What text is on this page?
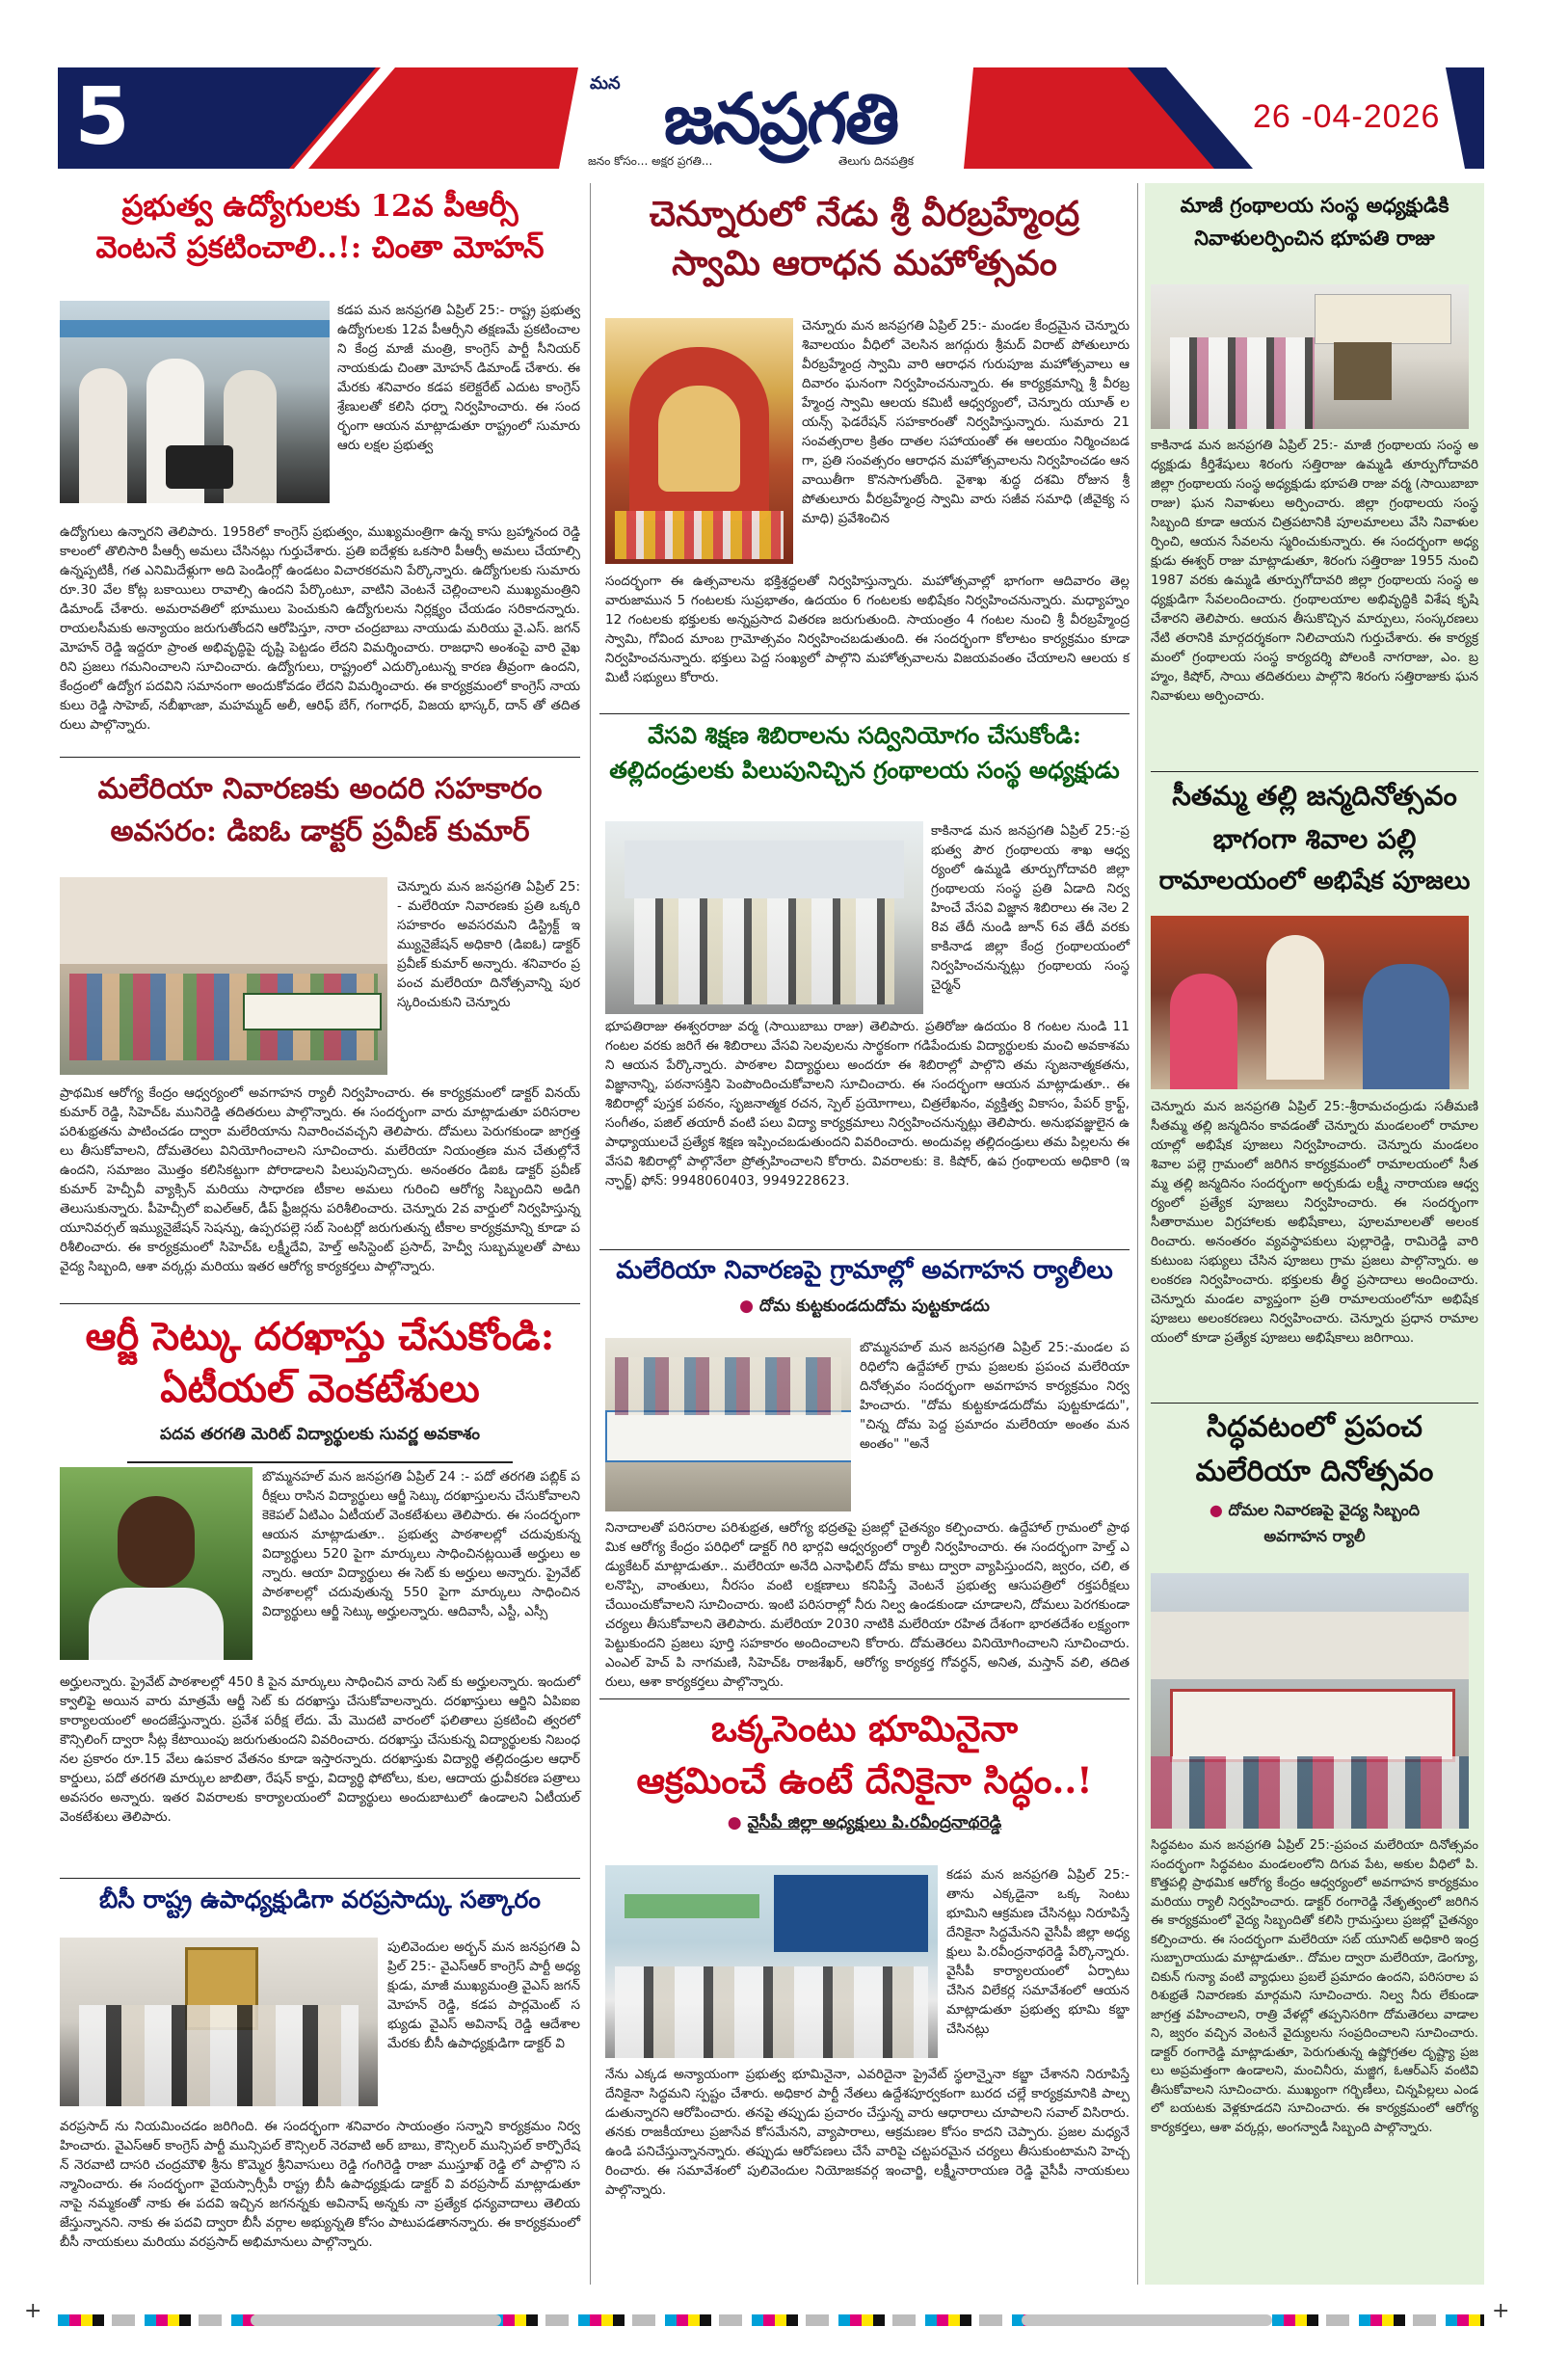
5	మన జనప్రగతి
జనం కోసం... అక్షర ప్రగతి...	తెలుగు దినపత్రిక
26 -04-2026
ప్రభుత్వ ఉద్యోగులకు 12వ పీఆర్సీ
వెంటనే ప్రకటించాలి..!: చింతా మోహన్

కడప మన జనప్రగతి ఏప్రిల్ 25:- రాష్ట్ర ప్రభుత్వ ఉద్యోగులకు 12వ పీఆర్సీని తక్షణమే ప్రకటించాలని కేంద్ర మాజీ మంత్రి, కాంగ్రెస్ పార్టీ సీనియర్ నాయకుడు చింతా మోహన్ డిమాండ్ చేశారు. ఈ మేరకు శనివారం కడప కలెక్టరేట్ ఎదుట కాంగ్రెస్ శ్రేణులతో కలిసి ధర్నా నిర్వహించారు. ఈ సందర్భంగా ఆయన మాట్లాడుతూ రాష్ట్రంలో సుమారు ఆరు లక్షల ప్రభుత్వ

ఉద్యోగులు ఉన్నారని తెలిపారు. 1958లో కాంగ్రెస్ ప్రభుత్వం, ముఖ్యమంత్రిగా ఉన్న కాసు బ్రహ్మానంద రెడ్డి కాలంలో తొలిసారి పీఆర్సీ అమలు చేసినట్లు గుర్తుచేశారు. ప్రతి ఐదేళ్లకు ఒకసారి పీఆర్సీ అమలు చేయాల్సి ఉన్నప్పటికీ, గత ఎనిమిదేళ్లుగా అది పెండింగ్లో ఉండటం విచారకరమని పేర్కొన్నారు. ఉద్యోగులకు సుమారు రూ.30 వేల కోట్ల బకాయిలు రావాల్సి ఉందని పేర్కొంటూ, వాటిని వెంటనే చెల్లించాలని ముఖ్యమంత్రిని డిమాండ్ చేశారు. అమరావతిలో భూములు పెంచుకుని ఉద్యోగులను నిర్లక్ష్యం చేయడం సరికాదన్నారు. రాయలసీమకు అన్యాయం జరుగుతోందని ఆరోపిస్తూ, నారా చంద్రబాబు నాయుడు మరియు వై.ఎస్. జగన్ మోహన్ రెడ్డి ఇద్దరూ ప్రాంత అభివృద్ధిపై దృష్టి పెట్టడం లేదని విమర్శించారు. రాజధాని అంశంపై వారి వైఖరిని ప్రజలు గమనించాలని సూచించారు. ఉద్యోగులు, రాష్ట్రంలో ఎదుర్కొంటున్న కారణ తీవ్రంగా ఉందని, కేంద్రంలో ఉద్యోగ పదవిని సమానంగా అందుకోవడం లేదని విమర్శించారు. ఈ కార్యక్రమంలో కాంగ్రెస్ నాయకులు రెడ్డి సాహెబ్, నబీఖాఁజా, మహమ్మద్ అలీ, ఆరిఫ్ బేగ్, గంగాధర్, విజయ భాస్కర్, దాన్ తో తదితరులు పాల్గొన్నారు.

మలేరియా నివారణకు అందరి సహకారం
అవసరం: డిఐఓ డాక్టర్ ప్రవీణ్ కుమార్

చెన్నూరు మన జనప్రగతి ఏప్రిల్ 25:- మలేరియా నివారణకు ప్రతి ఒక్కరి సహకారం అవసరమని డిస్ట్రిక్ట్ ఇమ్యునైజేషన్ అధికారి (డిఐఓ) డాక్టర్ ప్రవీణ్ కుమార్ అన్నారు. శనివారం ప్రపంచ మలేరియా దినోత్సవాన్ని పురస్కరించుకుని చెన్నూరు

ప్రాథమిక ఆరోగ్య కేంద్రం ఆధ్వర్యంలో అవగాహన ర్యాలీ నిర్వహించారు. ఈ కార్యక్రమంలో డాక్టర్ వినయ్ కుమార్ రెడ్డి, సిహెచ్ఓ మునిరెడ్డి తదితరులు పాల్గొన్నారు. ఈ సందర్భంగా వారు మాట్లాడుతూ పరిసరాల పరిశుభ్రతను పాటించడం ద్వారా మలేరియాను నివారించవచ్చని తెలిపారు. దోమలు పెరుగకుండా జాగ్రత్తలు తీసుకోవాలని, దోమతెరలు వినియోగించాలని సూచించారు. మలేరియా నియంత్రణ మన చేతుల్లోనే ఉందని, సమాజం మొత్తం కలిసికట్టుగా పోరాడాలని పిలుపునిచ్చారు. అనంతరం డిఐఓ డాక్టర్ ప్రవీణ్ కుమార్ హెచ్పీవీ వ్యాక్సిన్ మరియు సాధారణ టీకాల అమలు గురించి ఆరోగ్య సిబ్బందిని అడిగి తెలుసుకున్నారు. పీహెచ్సీలో ఐఎల్ఆర్, డీప్ ఫ్రీజర్లను పరిశీలించారు. చెన్నూరు 2వ వార్డులో నిర్వహిస్తున్న యూనివర్సల్ ఇమ్యునైజేషన్ సెషన్ను, ఉప్పరపల్లె సబ్ సెంటర్లో జరుగుతున్న టీకాల కార్యక్రమాన్ని కూడా పరిశీలించారు. ఈ కార్యక్రమంలో సిహెచ్ఓ లక్ష్మీదేవి, హెల్త్ అసిస్టెంట్ ప్రసాద్, హెచ్వీ సుబ్బమ్మలతో పాటు వైద్య సిబ్బంది, ఆశా వర్కర్లు మరియు ఇతర ఆరోగ్య కార్యకర్తలు పాల్గొన్నారు.

ఆర్జీ సెట్కు దరఖాస్తు చేసుకోండి:
ఏటీయల్ వెంకటేశులు
పదవ తరగతి మెరిట్ విద్యార్థులకు సువర్ణ అవకాశం

బొమ్మనహల్ మన జనప్రగతి ఏప్రిల్ 24 :- పదో తరగతి పబ్లిక్ పరీక్షలు రాసిన విద్యార్థులు ఆర్జీ సెట్కు దరఖాస్తులను చేసుకోవాలని కెకెపల్ ఏటిఎం ఏటీయల్ వెంకటేశులు తెలిపారు. ఈ సందర్భంగా ఆయన మాట్లాడుతూ.. ప్రభుత్వ పాఠశాలల్లో చదువుకున్న విద్యార్థులు 520 పైగా మార్కులు సాధించినట్లయితే అర్హులు అన్నారు. ఆయా విద్యార్థులు ఈ సెట్ కు అర్హులు అన్నారు. ప్రైవేట్ పాఠశాలల్లో చదువుతున్న 550 పైగా మార్కులు సాధించిన విద్యార్థులు ఆర్జీ సెట్కు అర్హులన్నారు. ఆదివాసీ, ఎస్టీ, ఎస్సీ

అర్హులన్నారు. ప్రైవేట్ పాఠశాలల్లో 450 కి పైన మార్కులు సాధించిన వారు సెట్ కు అర్హులన్నారు. ఇందులో క్వాలిఫై అయిన వారు మాత్రమే ఆర్జీ సెట్ కు దరఖాస్తు చేసుకోవాలన్నారు. దరఖాస్తులు ఆర్జిని ఏపిఐఐ కార్యాలయంలో అందజేస్తున్నారు. ప్రవేశ పరీక్ష లేదు. మే మొదటి వారంలో ఫలితాలు ప్రకటించి త్వరలో కౌన్సిలింగ్ ద్వారా సీట్ల కేటాయింపు జరుగుతుందని వివరించారు. దరఖాస్తు చేసుకున్న విద్యార్థులకు నిబంధనల ప్రకారం రూ.15 వేలు ఉపకార వేతనం కూడా ఇస్తారన్నారు. దరఖాస్తుకు విద్యార్థి తల్లిదండ్రుల ఆధార్ కార్డులు, పదో తరగతి మార్కుల జాబితా, రేషన్ కార్డు, విద్యార్థి ఫోటోలు, కుల, ఆదాయ ధ్రువీకరణ పత్రాలు అవసరం అన్నారు. ఇతర వివరాలకు కార్యాలయంలో విద్యార్థులు అందుబాటులో ఉండాలని ఏటీయల్ వెంకటేశులు తెలిపారు.

బీసీ రాష్ట్ర ఉపాధ్యక్షుడిగా వరప్రసాద్కు సత్కారం

పులివెందుల అర్బన్ మన జనప్రగతి ఏప్రిల్ 25:- వైఎస్ఆర్ కాంగ్రెస్ పార్టీ అధ్యక్షుడు, మాజీ ముఖ్యమంత్రి వైఎస్ జగన్ మోహన్ రెడ్డి, కడప పార్లమెంట్ సభ్యుడు వైఎస్ అవినాష్ రెడ్డి ఆదేశాల మేరకు బీసీ ఉపాధ్యక్షుడిగా డాక్టర్ వి

వరప్రసాద్ ను నియమించడం జరిగింది. ఈ సందర్భంగా శనివారం సాయంత్రం సన్నాని కార్యక్రమం నిర్వహించారు. వైఎస్ఆర్ కాంగ్రెస్ పార్టీ మున్సిపల్ కౌన్సిలర్ నెరవాటి అర్ బాబు, కౌన్సిలర్ మున్సిపల్ కార్పొరేషన్ నెరవాటి దాసరి చంద్రమౌళి శ్రీను కొమ్మెర శ్రీనివాసులు రెడ్డి గంగిరెడ్డి రాజా ముస్తూఖ్ రెడ్డి లో పాల్గొని సన్మానించారు. ఈ సందర్భంగా వైయస్సార్సీపీ రాష్ట్ర బీసీ ఉపాధ్యక్షుడు డాక్టర్ వి వరప్రసాద్ మాట్లాడుతూ నాపై నమ్మకంతో నాకు ఈ పదవి ఇచ్చిన జగనన్నకు అవినాష్ అన్నకు నా ప్రత్యేక ధన్యవాదాలు తెలియజేస్తున్నానని. నాకు ఈ పదవి ద్వారా బీసీ వర్గాల అభ్యున్నతి కోసం పాటుపడతానన్నారు. ఈ కార్యక్రమంలో బీసీ నాయకులు మరియు వరప్రసాద్ అభిమానులు పాల్గొన్నారు.

చెన్నూరులో నేడు శ్రీ వీరబ్రహ్మేంద్ర
స్వామి ఆరాధన మహోత్సవం

చెన్నూరు మన జనప్రగతి ఏప్రిల్ 25:- మండల కేంద్రమైన చెన్నూరు శివాలయం వీధిలో వెలసిన జగద్గురు శ్రీమద్ విరాట్ పోతులూరు వీరబ్రహ్మేంద్ర స్వామి వారి ఆరాధన గురుపూజ మహోత్సవాలు ఆదివారం ఘనంగా నిర్వహించనున్నారు. ఈ కార్యక్రమాన్ని శ్రీ వీరబ్రహ్మేంద్ర స్వామి ఆలయ కమిటీ ఆధ్వర్యంలో, చెన్నూరు యూత్ లయన్స్ ఫెడరేషన్ సహకారంతో నిర్వహిస్తున్నారు. సుమారు 21 సంవత్సరాల క్రితం దాతల సహాయంతో ఈ ఆలయం నిర్మించబడగా, ప్రతి సంవత్సరం ఆరాధన మహోత్సవాలను నిర్వహించడం ఆనవాయితీగా కొనసాగుతోంది. వైశాఖ శుద్ధ దశమి రోజున శ్రీ పోతులూరు వీరబ్రహ్మేంద్ర స్వామి వారు సజీవ సమాధి (జీవైక్య సమాధి) ప్రవేశించిన

సందర్భంగా ఈ ఉత్సవాలను భక్తిశ్రద్ధలతో నిర్వహిస్తున్నారు. మహోత్సవాల్లో భాగంగా ఆదివారం తెల్లవారుజామున 5 గంటలకు సుప్రభాతం, ఉదయం 6 గంటలకు అభిషేకం నిర్వహించనున్నారు. మధ్యాహ్నం 12 గంటలకు భక్తులకు అన్నప్రసాద వితరణ జరుగుతుంది. సాయంత్రం 4 గంటల నుంచి శ్రీ వీరబ్రహ్మేంద్ర స్వామి, గోవింద మాంబ గ్రామోత్సవం నిర్వహించబడుతుంది. ఈ సందర్భంగా కోలాటం కార్యక్రమం కూడా నిర్వహించనున్నారు. భక్తులు పెద్ద సంఖ్యలో పాల్గొని మహోత్సవాలను విజయవంతం చేయాలని ఆలయ కమిటీ సభ్యులు కోరారు.

వేసవి శిక్షణ శిబిరాలను సద్వినియోగం చేసుకోండి:
తల్లిదండ్రులకు పిలుపునిచ్చిన గ్రంథాలయ సంస్థ అధ్యక్షుడు

కాకినాడ మన జనప్రగతి ఏప్రిల్ 25:-ప్రభుత్వ పౌర గ్రంథాలయ శాఖ ఆధ్వర్యంలో ఉమ్మడి తూర్పుగోదావరి జిల్లా గ్రంథాలయ సంస్థ ప్రతి ఏడాది నిర్వహించే వేసవి విజ్ఞాన శిబిరాలు ఈ నెల 28వ తేదీ నుండి జూన్ 6వ తేదీ వరకు కాకినాడ జిల్లా కేంద్ర గ్రంథాలయంలో నిర్వహించనున్నట్లు గ్రంథాలయ సంస్థ చైర్మన్

భూపతిరాజు ఈశ్వరరాజు వర్మ (సాయిబాబు రాజు) తెలిపారు. ప్రతిరోజు ఉదయం 8 గంటల నుండి 11 గంటల వరకు జరిగే ఈ శిబిరాలు వేసవి సెలవులను సార్థకంగా గడిపేందుకు విద్యార్థులకు మంచి అవకాశమని ఆయన పేర్కొన్నారు. పాఠశాల విద్యార్థులు అందరూ ఈ శిబిరాల్లో పాల్గొని తమ సృజనాత్మకతను, విజ్ఞానాన్ని, పఠనాసక్తిని పెంపొందించుకోవాలని సూచించారు. ఈ సందర్భంగా ఆయన మాట్లాడుతూ.. ఈ శిబిరాల్లో పుస్తక పఠనం, సృజనాత్మక రచన, స్పెల్ ప్రయోగాలు, చిత్రలేఖనం, వ్యక్తిత్వ వికాసం, పేపర్ క్రాఫ్ట్, సంగీతం, పజిల్ తయారీ వంటి పలు విద్యా కార్యక్రమాలు నిర్వహించనున్నట్లు తెలిపారు. అనుభవజ్ఞులైన ఉపాధ్యాయులచే ప్రత్యేక శిక్షణ ఇప్పించబడుతుందని వివరించారు. అందువల్ల తల్లిదండ్రులు తమ పిల్లలను ఈ వేసవి శిబిరాల్లో పాల్గొనేలా ప్రోత్సహించాలని కోరారు. వివరాలకు: కె. కిషోర్, ఉప గ్రంథాలయ అధికారి (ఇన్ఛార్జ్) ఫోన్: 9948060403, 9949228623.

మలేరియా నివారణపై గ్రామాల్లో అవగాహన ర్యాలీలు
● దోమ కుట్టకుండదుదోమ పుట్టకూడదు

బొమ్మనహల్ మన జనప్రగతి ఏప్రిల్ 25:-మండల పరిధిలోని ఉద్దేహాల్ గ్రామ ప్రజలకు ప్రపంచ మలేరియా దినోత్సవం సందర్భంగా అవగాహన కార్యక్రమం నిర్వహించారు. "దోమ కుట్టకూడదుదోమ పుట్టకూడదు", "చిన్న దోమ పెద్ద ప్రమాదం మలేరియా అంతం మనఅంతం" "అనే

నినాదాలతో పరిసరాల పరిశుభ్రత, ఆరోగ్య భద్రతపై ప్రజల్లో చైతన్యం కల్పించారు. ఉద్దేహాల్ గ్రామంలో ప్రాథమిక ఆరోగ్య కేంద్రం పరిధిలో డాక్టర్ గిరి భార్గవి ఆధ్వర్యంలో ర్యాలీ నిర్వహించారు. ఈ సందర్భంగా హెల్త్ ఎడ్యుకేటర్ మాట్లాడుతూ.. మలేరియా అనేది ఎనాఫిలిస్ దోమ కాటు ద్వారా వ్యాపిస్తుందని, జ్వరం, చలి, తలనొప్పి, వాంతులు, నీరసం వంటి లక్షణాలు కనిపిస్తే వెంటనే ప్రభుత్వ ఆసుపత్రిలో రక్తపరీక్షలు చేయించుకోవాలని సూచించారు. ఇంటి పరిసరాల్లో నీరు నిల్వ ఉండకుండా చూడాలని, దోమలు పెరగకుండా చర్యలు తీసుకోవాలని తెలిపారు. మలేరియా 2030 నాటికి మలేరియా రహిత దేశంగా భారతదేశం లక్ష్యంగా పెట్టుకుందని ప్రజలు పూర్తి సహకారం అందించాలని కోరారు. దోమతెరలు వినియోగించాలని సూచించారు. ఎంఎల్ హెచ్ పి నాగమణి, సిహెచ్ఓ రాజశేఖర్, ఆరోగ్య కార్యకర్త గోవర్ధన్, అనిత, మస్తాన్ వలి, తదితరులు, ఆశా కార్యకర్తలు పాల్గొన్నారు.

ఒక్కసెంటు భూమినైనా
ఆక్రమించే ఉంటే దేనికైనా సిద్ధం..!
● వైసీపీ జిల్లా అధ్యక్షులు పి.రవీంద్రనాథరెడ్డి

కడప మన జనప్రగతి ఏప్రిల్ 25:- తాను ఎక్కడైనా ఒక్క సెంటు భూమిని ఆక్రమణ చేసినట్లు నిరూపిస్తే దేనికైనా సిద్ధమేనని వైసీపీ జిల్లా అధ్యక్షులు పి.రవీంద్రనాథరెడ్డి పేర్కొన్నారు. వైసీపీ కార్యాలయంలో ఏర్పాటు చేసిన విలేకర్ల సమావేశంలో ఆయన మాట్లాడుతూ ప్రభుత్వ భూమి కబ్జా చేసినట్లు

నేను ఎక్కడ అన్యాయంగా ప్రభుత్వ భూమినైనా, ఎవరిదైనా ప్రైవేట్ స్థలాన్నైనా కబ్జా చేశానని నిరూపిస్తే దేనికైనా సిద్ధమని స్పష్టం చేశారు. అధికార పార్టీ నేతలు ఉద్దేశపూర్వకంగా బురద చల్లే కార్యక్రమానికి పాల్పడుతున్నారని ఆరోపించారు. తనపై తప్పుడు ప్రచారం చేస్తున్న వారు ఆధారాలు చూపాలని సవాల్ విసిరారు. తనకు రాజకీయాలు ప్రజాసేవ కోసమేనని, వ్యాపారాలు, ఆక్రమణల కోసం కాదని చెప్పారు. ప్రజల మధ్యనే ఉండి పనిచేస్తున్నానన్నారు. తప్పుడు ఆరోపణలు చేసే వారిపై చట్టపరమైన చర్యలు తీసుకుంటామని హెచ్చరించారు. ఈ సమావేశంలో పులివెందుల నియోజకవర్గ ఇంచార్జి, లక్ష్మీనారాయణ రెడ్డి వైసీపీ నాయకులు పాల్గొన్నారు.

మాజీ గ్రంథాలయ సంస్థ అధ్యక్షుడికి
నివాళులర్పించిన భూపతి రాజు

కాకినాడ మన జనప్రగతి ఏప్రిల్ 25:- మాజీ గ్రంథాలయ సంస్థ అధ్యక్షుడు కీర్తిశేషులు శిరంగు సత్తిరాజు ఉమ్మడి తూర్పుగోదావరి జిల్లా గ్రంథాలయ సంస్థ అధ్యక్షుడు భూపతి రాజు వర్మ (సాయిబాబా రాజు) ఘన నివాళులు అర్పించారు. జిల్లా గ్రంథాలయ సంస్థ సిబ్బంది కూడా ఆయన చిత్రపటానికి పూలమాలలు వేసి నివాళులర్పించి, ఆయన సేవలను స్మరించుకున్నారు. ఈ సందర్భంగా అధ్యక్షుడు ఈశ్వర్ రాజు మాట్లాడుతూ, శిరంగు సత్తిరాజు 1955 నుంచి 1987 వరకు ఉమ్మడి తూర్పుగోదావరి జిల్లా గ్రంథాలయ సంస్థ అధ్యక్షుడిగా సేవలందించారు. గ్రంథాలయాల అభివృద్ధికి విశేష కృషి చేశారని తెలిపారు. ఆయన తీసుకొచ్చిన మార్పులు, సంస్కరణలు నేటి తరానికి మార్గదర్శకంగా నిలిచాయని గుర్తుచేశారు. ఈ కార్యక్రమంలో గ్రంథాలయ సంస్థ కార్యదర్శి పోలంకి నాగరాజు, ఎం. బ్రహ్మం, కిషోర్, సాయి తదితరులు పాల్గొని శిరంగు సత్తిరాజుకు ఘన నివాళులు అర్పించారు.

సీతమ్మ తల్లి జన్మదినోత్సవం
భాగంగా శివాల పల్లి
రామాలయంలో అభిషేక పూజలు

చెన్నూరు మన జనప్రగతి ఏప్రిల్ 25:-శ్రీరామచంద్రుడు సతీమణి సీతమ్మ తల్లి జన్మదినం కావడంతో చెన్నూరు మండలంలో రామాలయాల్లో అభిషేక పూజలు నిర్వహించారు. చెన్నూరు మండలం శివాల పల్లె గ్రామంలో జరిగిన కార్యక్రమంలో రామాలయంలో సీతమ్మ తల్లి జన్మదినం సందర్భంగా అర్చకుడు లక్ష్మీ నారాయణ ఆధ్వర్యంలో ప్రత్యేక పూజలు నిర్వహించారు. ఈ సందర్భంగా సీతారాముల విగ్రహాలకు అభిషేకాలు, పూలమాలలతో అలంకరించారు. అనంతరం వ్యవస్థాపకులు పుల్లారెడ్డి, రామిరెడ్డి వారి కుటుంబ సభ్యులు చేసిన పూజలు గ్రామ ప్రజలు పాల్గొన్నారు. అలంకరణ నిర్వహించారు. భక్తులకు తీర్థ ప్రసాదాలు అందించారు. చెన్నూరు మండల వ్యాప్తంగా ప్రతి రామాలయంలోనూ అభిషేక పూజలు అలంకరణలు నిర్వహించారు. చెన్నూరు ప్రధాన రామాలయంలో కూడా ప్రత్యేక పూజలు అభిషేకాలు జరిగాయి.

సిద్ధవటంలో ప్రపంచ
మలేరియా దినోత్సవం
● దోమల నివారణపై వైద్య సిబ్బంది
అవగాహన ర్యాలీ

సిద్ధవటం మన జనప్రగతి ఏప్రిల్ 25:-ప్రపంచ మలేరియా దినోత్సవం సందర్భంగా సిద్ధవటం మండలంలోని దిగువ పేట, అకుల వీధిలో పి. కొత్తపల్లి ప్రాథమిక ఆరోగ్య కేంద్రం ఆధ్వర్యంలో అవగాహన కార్యక్రమం మరియు ర్యాలీ నిర్వహించారు. డాక్టర్ రంగారెడ్డి నేతృత్వంలో జరిగిన ఈ కార్యక్రమంలో వైద్య సిబ్బందితో కలిసి గ్రామస్తులు ప్రజల్లో చైతన్యం కల్పించారు. ఈ సందర్భంగా మలేరియా సబ్ యూనిట్ అధికారి ఇంద్ర సుబ్బారాయుడు మాట్లాడుతూ.. దోమల ద్వారా మలేరియా, డెంగ్యూ, చికున్ గున్యా వంటి వ్యాధులు ప్రబలే ప్రమాదం ఉందని, పరిసరాల పరిశుభ్రతే నివారణకు మార్గమని సూచించారు. నిల్వ నీరు లేకుండా జాగ్రత్త వహించాలని, రాత్రి వేళల్లో తప్పనిసరిగా దోమతెరలు వాడాలని, జ్వరం వచ్చిన వెంటనే వైద్యులను సంప్రదించాలని సూచించారు. డాక్టర్ రంగారెడ్డి మాట్లాడుతూ, పెరుగుతున్న ఉష్ణోగ్రతల దృష్ట్యా ప్రజలు అప్రమత్తంగా ఉండాలని, మంచినీరు, మజ్జిగ, ఓఆర్ఎస్ వంటివి తీసుకోవాలని సూచించారు. ముఖ్యంగా గర్భిణీలు, చిన్నపిల్లలు ఎండలో బయటకు వెళ్లకూడదని సూచించారు. ఈ కార్యక్రమంలో ఆరోగ్య కార్యకర్తలు, ఆశా వర్కర్లు, అంగన్వాడీ సిబ్బంది పాల్గొన్నారు.

+	+
